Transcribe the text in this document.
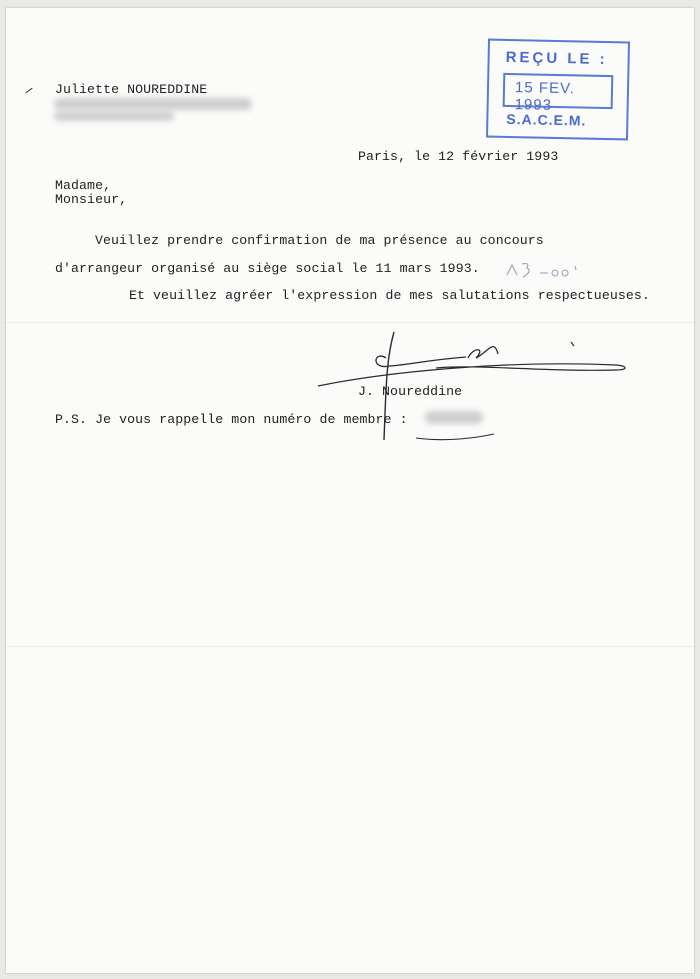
Juliette NOUREDDINE
REÇU LE :
15 FEV. 1993
S.A.C.E.M.
Paris, le 12 février 1993
Madame,
Monsieur,
Veuillez prendre confirmation de ma présence au concours
d'arrangeur organisé au siège social le 11 mars 1993.
Et veuillez agréer l'expression de mes salutations respectueuses.
J. Noureddine
P.S. Je vous rappelle mon numéro de membre :
